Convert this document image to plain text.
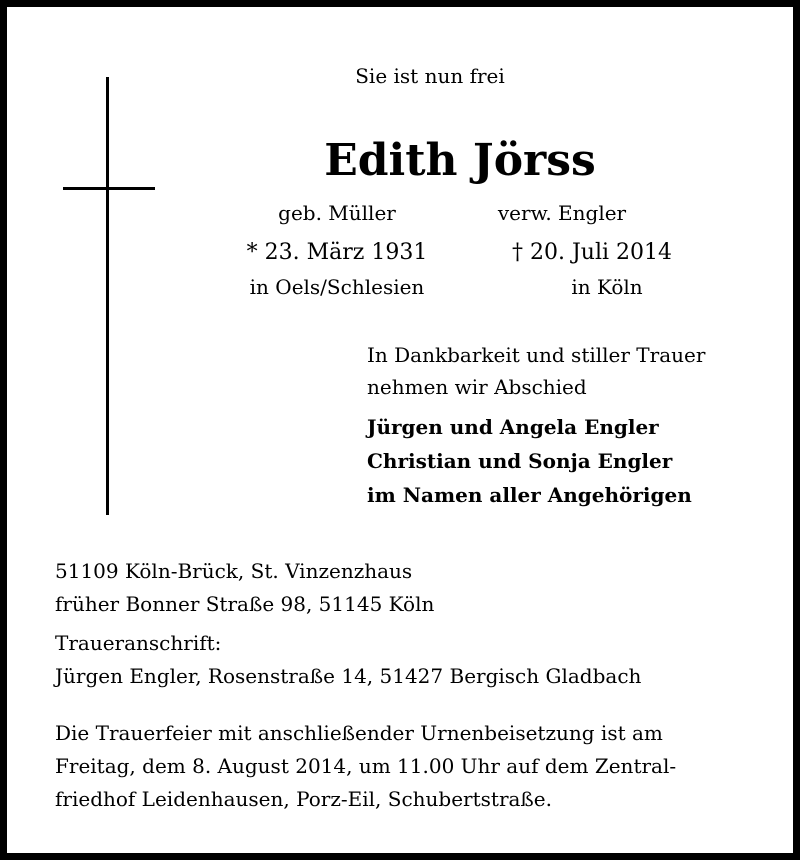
Sie ist nun frei
Edith Jörss
geb. Müller	verw. Engler
* 23. März 1931	† 20. Juli 2014
in Oels/Schlesien	in Köln
In Dankbarkeit und stiller Trauer
nehmen wir Abschied
Jürgen und Angela Engler
Christian und Sonja Engler
im Namen aller Angehörigen
51109 Köln-Brück, St. Vinzenzhaus
früher Bonner Straße 98, 51145 Köln
Traueranschrift:
Jürgen Engler, Rosenstraße 14, 51427 Bergisch Gladbach
Die Trauerfeier mit anschließender Urnenbeisetzung ist am
Freitag, dem 8. August 2014, um 11.00 Uhr auf dem Zentral-
friedhof Leidenhausen, Porz-Eil, Schubertstraße.
